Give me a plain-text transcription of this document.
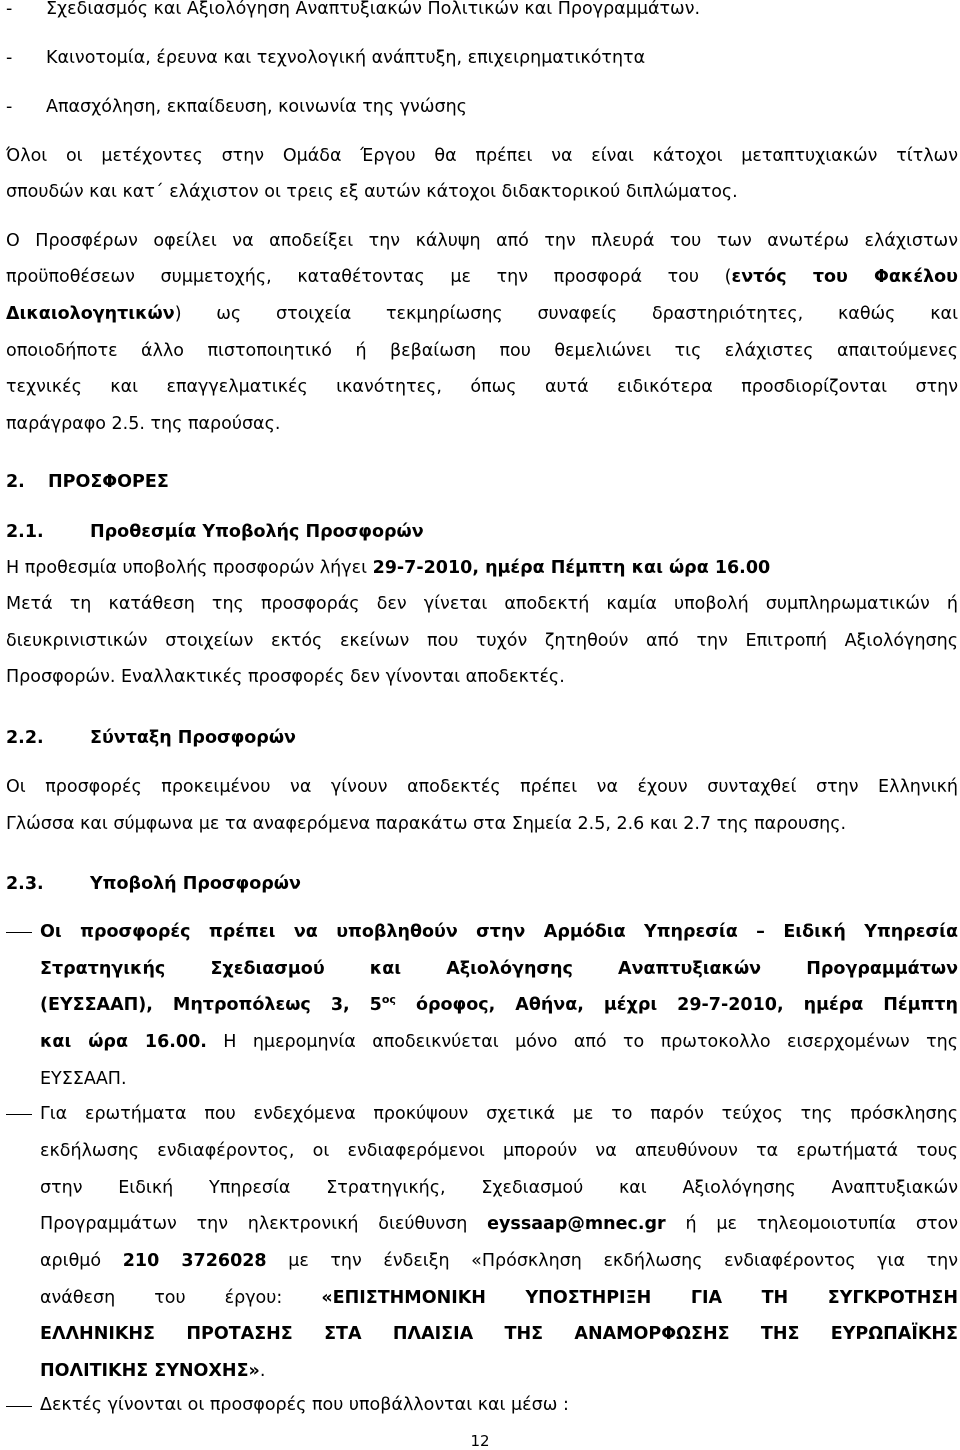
- Σχεδιασμός και Αξιολόγηση Αναπτυξιακών Πολιτικών και Προγραμμάτων.
- Καινοτομία, έρευνα και τεχνολογική ανάπτυξη, επιχειρηματικότητα
- Απασχόληση, εκπαίδευση, κοινωνία της γνώσης
Όλοι οι μετέχοντες στην Ομάδα Έργου θα πρέπει να είναι κάτοχοι μεταπτυχιακών τίτλων
σπουδών και κατ΄ ελάχιστον οι τρεις εξ αυτών κάτοχοι διδακτορικού διπλώματος.
Ο Προσφέρων οφείλει να αποδείξει την κάλυψη από την πλευρά του των ανωτέρω ελάχιστων
προϋποθέσεων συμμετοχής, καταθέτοντας με την προσφορά του (εντός του Φακέλου
Δικαιολογητικών) ως στοιχεία τεκμηρίωσης συναφείς δραστηριότητες, καθώς και
οποιοδήποτε άλλο πιστοποιητικό ή βεβαίωση που θεμελιώνει τις ελάχιστες απαιτούμενες
τεχνικές και επαγγελματικές ικανότητες, όπως αυτά ειδικότερα προσδιορίζονται στην
παράγραφο 2.5. της παρούσας.
2. ΠΡΟΣΦΟΡΕΣ
2.1.	Προθεσμία Υποβολής Προσφορών
Η προθεσμία υποβολής προσφορών λήγει 29-7-2010, ημέρα Πέμπτη και ώρα 16.00
Μετά τη κατάθεση της προσφοράς δεν γίνεται αποδεκτή καμία υποβολή συμπληρωματικών ή
διευκρινιστικών στοιχείων εκτός εκείνων που τυχόν ζητηθούν από την Επιτροπή Αξιολόγησης
Προσφορών. Εναλλακτικές προσφορές δεν γίνονται αποδεκτές.
2.2.	Σύνταξη Προσφορών
Οι προσφορές προκειμένου να γίνουν αποδεκτές πρέπει να έχουν συνταχθεί στην Ελληνική
Γλώσσα και σύμφωνα με τα αναφερόμενα παρακάτω στα Σημεία 2.5, 2.6 και 2.7 της παρουσης.
2.3.	Υποβολή Προσφορών
Οι προσφορές πρέπει να υποβληθούν στην Αρμόδια Υπηρεσία – Ειδική Υπηρεσία
Στρατηγικής Σχεδιασμού και Αξιολόγησης Αναπτυξιακών Προγραμμάτων
(ΕΥΣΣΑΑΠ), Μητροπόλεως 3, $5^{o\varsigma}$ όροφος, Αθήνα, μέχρι 29-7-2010, ημέρα Πέμπτη
και ώρα 16.00. Η ημερομηνία αποδεικνύεται μόνο από το πρωτοκολλο εισερχομένων της
ΕΥΣΣΑΑΠ.
Για ερωτήματα που ενδεχόμενα προκύψουν σχετικά με το παρόν τεύχος της πρόσκλησης
εκδήλωσης ενδιαφέροντος, οι ενδιαφερόμενοι μπορούν να απευθύνουν τα ερωτήματά τους
στην Ειδική Υπηρεσία Στρατηγικής, Σχεδιασμού και Αξιολόγησης Αναπτυξιακών
Προγραμμάτων την ηλεκτρονική διεύθυνση eyssaap@mnec.gr ή με τηλεομοιοτυπία στον
αριθμό 210 3726028 με την ένδειξη «Πρόσκληση εκδήλωσης ενδιαφέροντος για την
ανάθεση του έργου: «ΕΠΙΣΤΗΜΟΝΙΚΗ ΥΠΟΣΤΗΡΙΞΗ ΓΙΑ ΤΗ ΣΥΓΚΡΟΤΗΣΗ
ΕΛΛΗΝΙΚΗΣ ΠΡΟΤΑΣΗΣ ΣΤΑ ΠΛΑΙΣΙΑ ΤΗΣ ΑΝΑΜΟΡΦΩΣΗΣ ΤΗΣ ΕΥΡΩΠΑΪΚΗΣ
ΠΟΛΙΤΙΚΗΣ ΣΥΝΟΧΗΣ».
Δεκτές γίνονται οι προσφορές που υποβάλλονται και μέσω :
12
